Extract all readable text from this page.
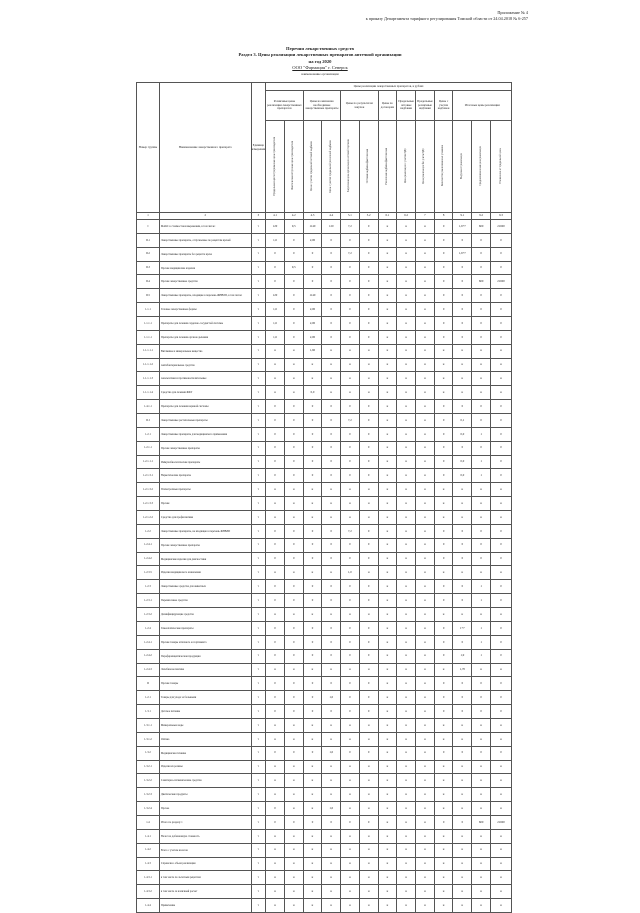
Приложение № 4
к приказу Департамента тарифного регулирования Томской области от 24.04.2018 № 6-257
Перечни лекарственных средств
Раздел 3. Цены реализации лекарственных препаратов аптечной организации
на год 2020
ООО "Фармация" г. Северск
наименование организации
Номер группы	Наименование лекарственного препарата	Единица измерения	Цены реализации лекарственных препаратов, в рублях												
			Розничные цены реализации лекарственных препаратов		Цены на жизненно необходимые лекарственные препараты		Цены по результатам закупок		Цены по договорам	Предельные оптовые надбавки	Предельные розничные надбавки	Цены с учетом надбавок	Итоговые цены реализации		
			Предельная зарегистрированная цена производителя	Фактическая отпускная цена производителя	Цена с учетом предельной оптовой надбавки	Цена с учетом предельной розничной надбавки	Закупочная цена организации оптовой торговли	Оптовая надбавка фактическая	Розничная надбавка фактическая	Цена реализации с учетом НДС	Цена реализации без учета НДС	Количество реализованных упаковок	Выручка от реализации	Средневзвешенная цена реализации	Отклонение от предельной цены
1	2	3	4.1	4.2	4.3	4.4	5.1	5.2	6.1	6.2	7	8	9.1	9.2	9.3
I	МАКС в стоимостном выражении, в том числе:	т	120	9,5	1140	120	7,2	0	н	н	н	0	1,6+7	600	21600
II.1	Лекарственные препараты, отпускаемые по рецептам врачей	т	1,6	0	2,00	0	0	0	н	н	н	0	0	0	0
II.2	Лекарственные препараты без рецепта врача	т	0	0	0	0	7,2	0	н	н	н	0	1,6+7	0	0
II.3	Прочие медицинские изделия	т	0	9,5	0	0	0	0	н	н	н	0	0	0	0
II.4	Прочие лекарственные средства	т	0	0	0	0	0	0	н	н	н	0	0	600	21600
II.5	Лекарственные препараты, входящие в перечень ЖНВЛП, в том числе:	т	120	0	1140	0	0	0	н	н	н	0	0	0	0
1.1.1	Готовые лекарственные формы	т	1,6	0	2,00	0	0	0	н	н	н	0	0	0	0
1.1.1.1	Препараты для лечения сердечно-сосудистой системы	т	1,6	0	2,00	0	0	0	н	н	н	0	0	0	0
1.1.1.1	Препараты для лечения органов дыхания	т	1,6	0	2,00	0	0	0	н	н	н	0	0	0	0
1.1.1.1.1	Витамины и минеральные вещества	т	н	н	1,60	н	н	н	н	н	н	н	н	н	н
1.1.1.1.2	Антибактериальные средства	т	н	н	н	н	н	н	н	н	н	н	н	н	н
1.1.1.1.3	Анальгетики и противовоспалительные	т	н	н	н	н	н	н	н	н	н	н	н	н	н
1.1.1.1.4	Средства для лечения ЖКТ	т	н	н	0,0	н	н	н	н	н	н	н	н	н	н
1.4.1.1	Препараты для лечения нервной системы	т	0	0	0	0	0	0	н	н	н	0	0	0	0
II.I	Лекарственные растительные препараты	т	0	0	0	0	7,2	0	н	н	н	0	0,1	0	0
1.2.1	Лекарственные препараты для медицинского применения	т	0	0	0	0	0	0	н	н	н	0	0,0	1	0
1.2.1.1	Прочие лекарственные препараты	т	0	0	0	0	0	0	н	н	н	0	0	0	0
1.2.1.1.1	Иммунобиологические препараты	т	0	0	0	0	0	0	н	н	н	0	0,0	1	0
1.2.1.3.1	Наркотические препараты	т	0	0	0	0	0	0	н	н	н	0	0,0	1	0
1.2.1.3.2	Психотропные препараты	т	н	н	н	н	н	н	н	н	н	н	н	н	н
1.2.1.3.3	Прочие	т	н	н	н	н	н	н	н	н	н	н	н	н	н
1.2.1.2.2	Средства для профилактики	т	н	н	н	н	н	н	н	н	н	н	н	н	н
1.2.2	Лекарственные препараты, не входящие в перечень ЖНВЛП	т	0	0	0	0	7,2	0	н	н	н	0	0	0	0
1.2.4.1	Прочие лекарственные препараты	т	0	0	0	0	0	0	н	н	н	0	0	0	0
1.2.4.2	Медицинские изделия для диагностики	т	0	0	0	0	0	0	н	н	н	0	0	0	0
1.2.3.5	Изделия медицинского назначения	т	н	н	н	н	1,0	н	н	н	н	н	н	н	н
1.2.3	Лекарственные средства для животных	т	0	0	0	0	0	0	н	н	н	0	0	1	0
1.2.3.1	Перевязочные средства	т	0	0	0	0	0	0	н	н	н	0	0	1	0
1.2.3.2	Дезинфицирующие средства	т	н	н	н	н	н	н	н	н	н	н	н	н	н
1.2.4	Гомеопатические препараты	т	0	0	0	0	0	0	н	н	н	0	1+7	1	0
1.2.4.1	Прочие товары аптечного ассортимента	т	0	0	0	0	0	0	н	н	н	0	0	1	0
1.2.4.2	Парафармацевтическая продукция	т	0	0	0	0	0	0	н	н	н	0	1,9	1	0
1.2.4.3	Лечебная косметика	т	н	н	н	н	н	н	н	н	н	н	1,70	н	н
II	Прочие товары	т	0	0	0	0	0	0	н	н	н	0	0	0	0
1.2.1	Товары для ухода за больными	т	0	0	0	1,0	0	0	н	н	н	0	0	0	0
1.3.1	Детское питание	т	0	0	0	0	0	0	н	н	н	0	0	0	0
1.3.1.1	Минеральные воды	т	н	н	н	н	н	н	н	н	н	н	н	н	н
1.3.1.2	Оптика	т	н	н	н	н	н	н	н	н	н	н	н	н	н
1.3.2	Медицинская техника	т	0	0	0	1,0	0	0	н	н	н	0	0	0	0
1.3.2.1	Изделия из резины	т	н	н	н	н	н	н	н	н	н	н	н	н	н
1.3.2.2	Санитарно-гигиенические средства	т	н	н	н	н	н	н	н	н	н	н	н	н	н
1.3.2.3	Диетические продукты	т	н	н	н	н	н	н	н	н	н	н	н	н	н
1.3.2.4	Прочее	т	0	н	н	1,0	н	н	н	н	н	н	н	н	н
1.4	Итого по разделу 1	т	0	0	0	0	0	0	н	н	н	0	0	600	21600
1.4.1	Налог на добавленную стоимость	т	н	н	н	н	н	н	н	н	н	н	н	н	н
1.4.2	Всего с учетом налогов	т	н	н	н	н	н	н	н	н	н	н	н	н	н
1.4.3	Справочно: объем реализации	т	н	н	н	н	н	н	н	н	н	н	н	н	н
1.4.3.1	в том числе по льготным рецептам	т	н	н	н	н	н	н	н	н	н	н	н	н	н
1.4.3.2	в том числе за наличный расчет	т	н	н	н	н	н	н	н	н	н	н	н	н	н
1.4.4	Примечание	т	н	н	н	н	н	н	н	н	н	н	н	н	н
